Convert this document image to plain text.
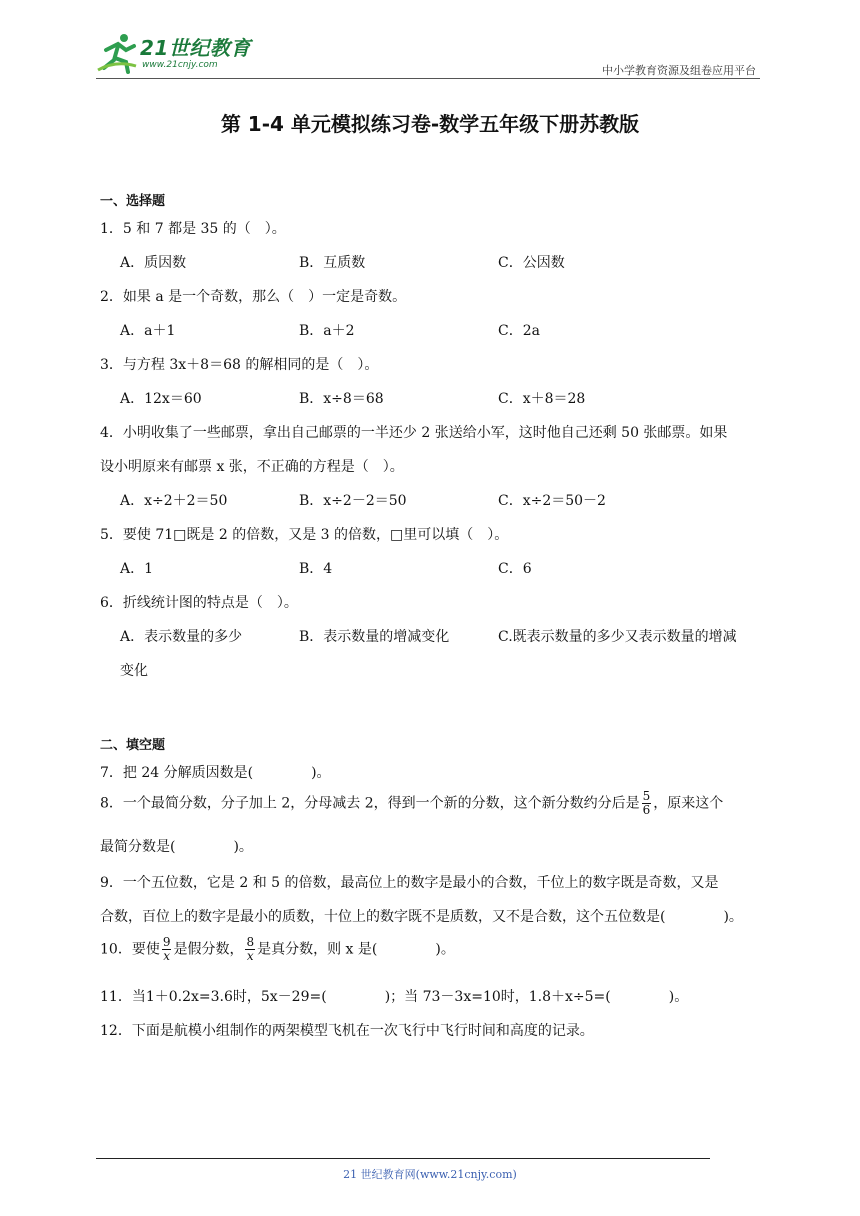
21世纪教育
www.21cnjy.com	中小学教育资源及组卷应用平台
第 1-4 单元模拟练习卷-数学五年级下册苏教版
一、选择题
1．5 和 7 都是 35 的（　）。
A．质因数	B．互质数	C．公因数
2．如果 a 是一个奇数，那么（　）一定是奇数。
A．a＋1	B．a＋2	C．2a
3．与方程 3x＋8＝68 的解相同的是（　）。
A．12x＝60	B．x÷8＝68	C．x＋8＝28
4．小明收集了一些邮票，拿出自己邮票的一半还少 2 张送给小军，这时他自己还剩 50 张邮票。如果
设小明原来有邮票 x 张，不正确的方程是（　）。
A．x÷2＋2＝50	B．x÷2－2＝50	C．x÷2＝50－2
5．要使 71□既是 2 的倍数，又是 3 的倍数，□里可以填（　）。
A．1	B．4	C．6
6．折线统计图的特点是（　）。
A．表示数量的多少	B．表示数量的增减变化	C.既表示数量的多少又表示数量的增减
变化
二、填空题
7．把 24 分解质因数是(	)。
8．一个最简分数，分子加上 2，分母减去 2，得到一个新的分数，这个新分数约分后是 $\frac{5}{6}$ ，原来这个
最简分数是(	)。
9．一个五位数，它是 2 和 5 的倍数，最高位上的数字是最小的合数，千位上的数字既是奇数，又是
合数，百位上的数字是最小的质数，十位上的数字既不是质数，又不是合数，这个五位数是(	)。
10．要使 $\frac{9}{x}$ 是假分数， $\frac{8}{x}$ 是真分数，则 x 是(	)。
11．当1＋0.2x=3.6时，5x－29=(	)；当 73－3x=10时，1.8＋x÷5=(	)。
12．下面是航模小组制作的两架模型飞机在一次飞行中飞行时间和高度的记录。
21 世纪教育网(www.21cnjy.com)
